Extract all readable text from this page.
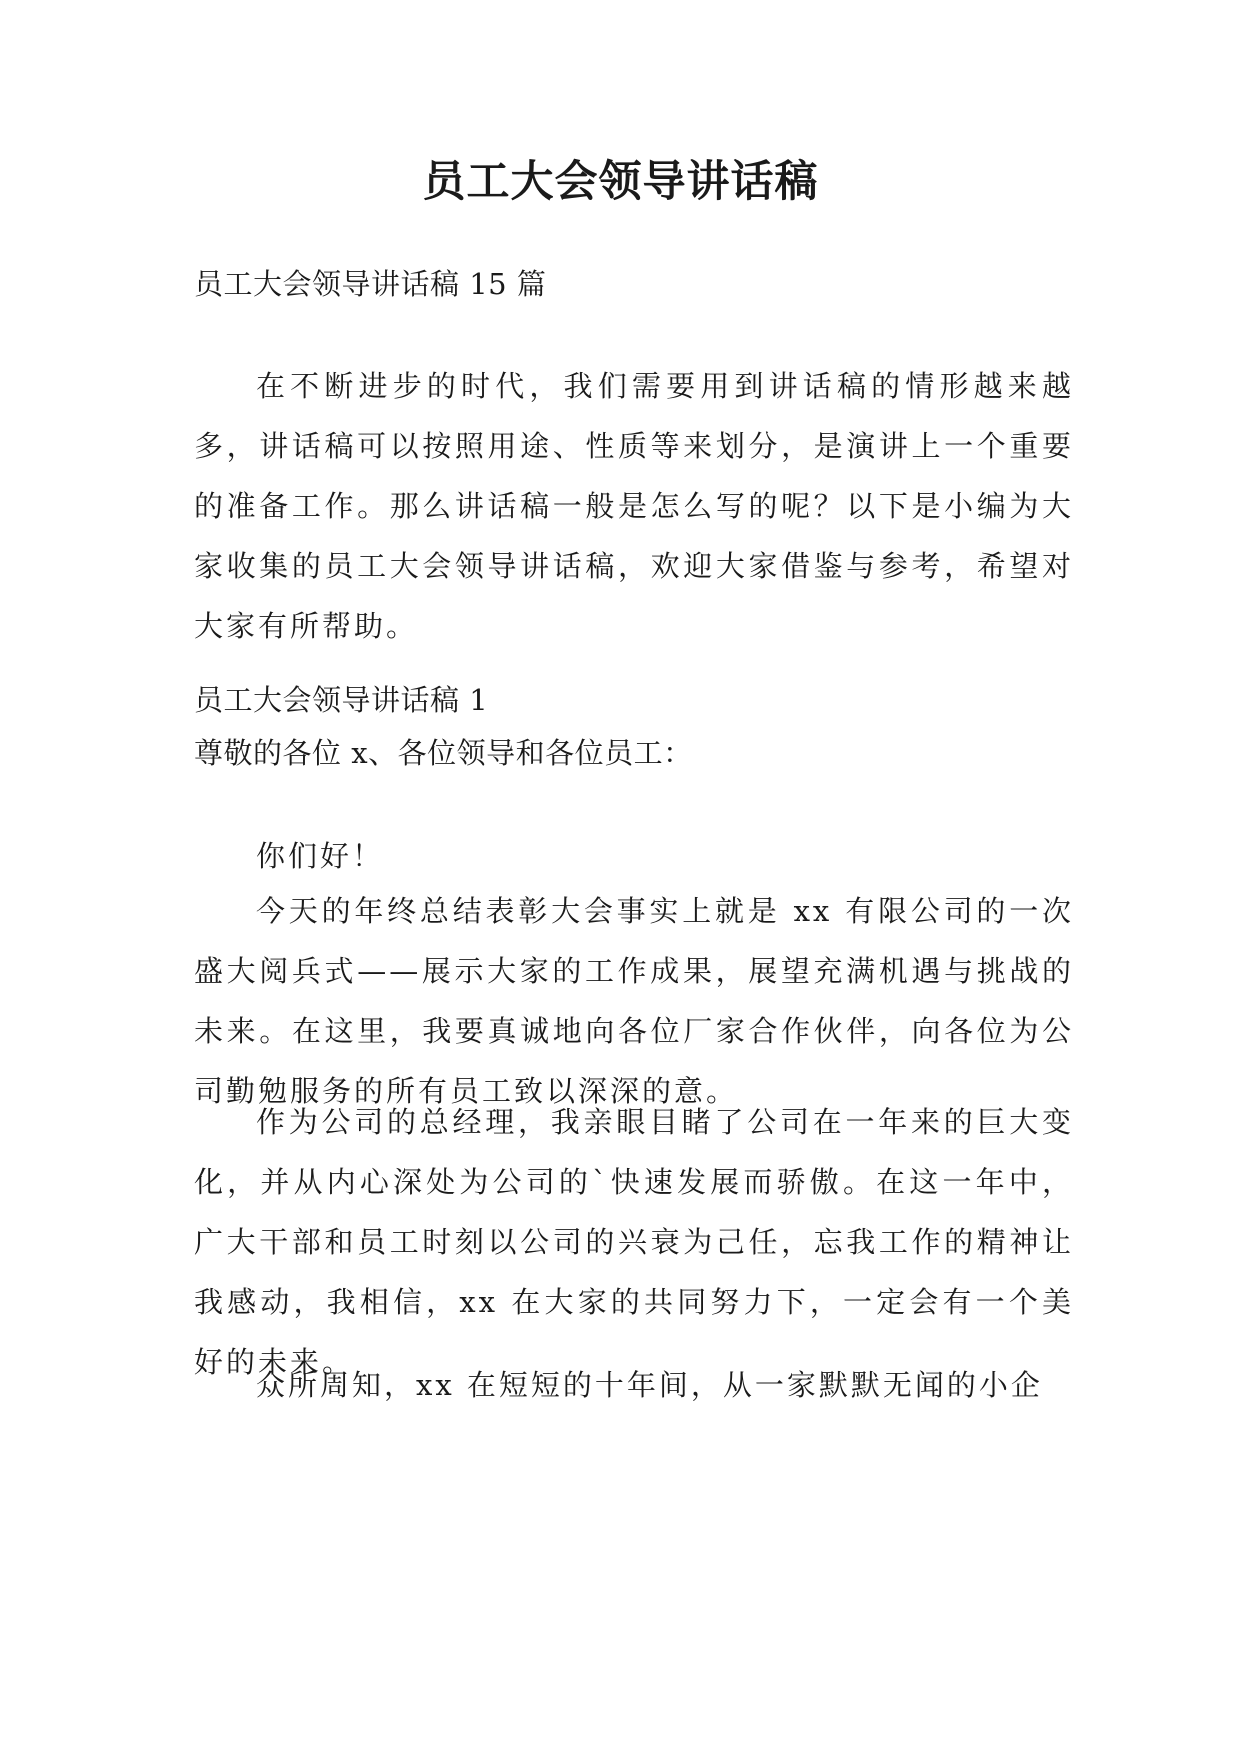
员工大会领导讲话稿

员工大会领导讲话稿 15 篇

在不断进步的时代，我们需要用到讲话稿的情形越来越多，讲话稿可以按照用途、性质等来划分，是演讲上一个重要的准备工作。那么讲话稿一般是怎么写的呢？以下是小编为大家收集的员工大会领导讲话稿，欢迎大家借鉴与参考，希望对大家有所帮助。

员工大会领导讲话稿 1

尊敬的各位 x、各位领导和各位员工：

你们好！

今天的年终总结表彰大会事实上就是 xx 有限公司的一次盛大阅兵式——展示大家的工作成果，展望充满机遇与挑战的未来。在这里，我要真诚地向各位厂家合作伙伴，向各位为公司勤勉服务的所有员工致以深深的意。

作为公司的总经理，我亲眼目睹了公司在一年来的巨大变化，并从内心深处为公司的`快速发展而骄傲。在这一年中，广大干部和员工时刻以公司的兴衰为己任，忘我工作的精神让我感动，我相信，xx 在大家的共同努力下，一定会有一个美好的未来。

众所周知，xx 在短短的十年间，从一家默默无闻的小企
